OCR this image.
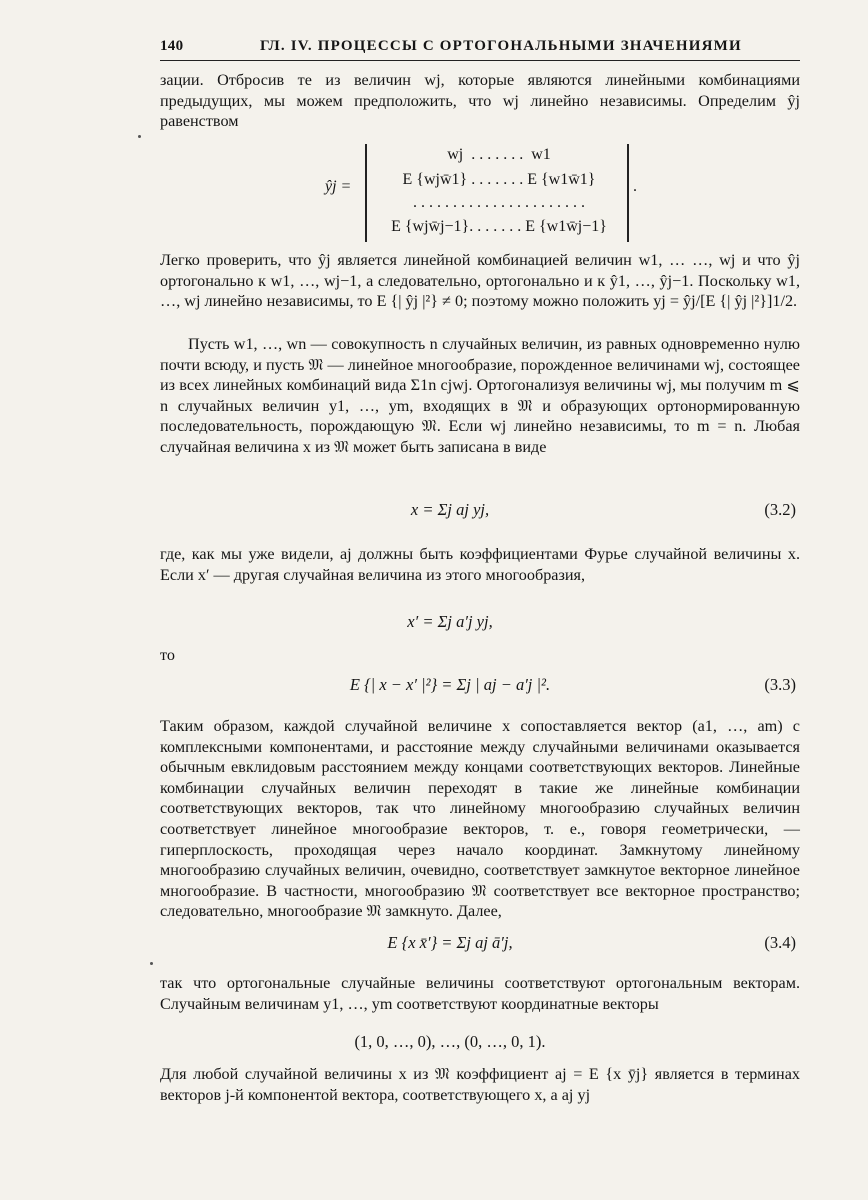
140	ГЛ. IV. ПРОЦЕССЫ С ОРТОГОНАЛЬНЫМИ ЗНАЧЕНИЯМИ

зации. Отбросив те из величин wj, которые являются линейными комбинациями предыдущих, мы можем предположить, что wj линейно независимы. Определим ŷj равенством

ŷj =
wj  . . . . . . .  w1
E {wjw̄1} . . . . . . . E {w1w̄1}
. . . . . . . . . . . . . . . . . . . . . .
E {wjw̄j−1}. . . . . . . E {w1w̄j−1}
.

Легко проверить, что ŷj является линейной комбинацией величин w1, … …, wj и что ŷj ортогонально к w1, …, wj−1, а следовательно, ортогонально и к ŷ1, …, ŷj−1. Поскольку w1, …, wj линейно независимы, то E {| ŷj |²} ≠ 0; поэтому можно положить yj = ŷj/[E {| ŷj |²}]1/2.

Пусть w1, …, wn — совокупность n случайных величин, из равных одновременно нулю почти всюду, и пусть 𝔐 — линейное многообразие, порожденное величинами wj, состоящее из всех линейных комбинаций вида Σ1n cjwj. Ортогонализуя величины wj, мы получим m ⩽ n случайных величин y1, …, ym, входящих в 𝔐 и образующих ортонормированную последовательность, порождающую 𝔐. Если wj линейно независимы, то m = n. Любая случайная величина x из 𝔐 может быть записана в виде

x = Σj aj yj,	(3.2)

где, как мы уже видели, aj должны быть коэффициентами Фурье случайной величины x. Если x′ — другая случайная величина из этого многообразия,

x′ = Σj a′j yj,
то
E {| x − x′ |²} = Σj | aj − a′j |².	(3.3)

Таким образом, каждой случайной величине x сопоставляется вектор (a1, …, am) с комплексными компонентами, и расстояние между случайными величинами оказывается обычным евклидовым расстоянием между концами соответствующих векторов. Линейные комбинации случайных величин переходят в такие же линейные комбинации соответствующих векторов, так что линейному многообразию случайных величин соответствует линейное многообразие векторов, т. е., говоря геометрически, — гиперплоскость, проходящая через начало координат. Замкнутому линейному многообразию случайных величин, очевидно, соответствует замкнутое векторное линейное многообразие. В частности, многообразию 𝔐 соответствует все векторное пространство; следовательно, многообразие 𝔐 замкнуто. Далее,

E {x x̄′} = Σj aj ā′j,	(3.4)

так что ортогональные случайные величины соответствуют ортогональным векторам. Случайным величинам y1, …, ym соответствуют координатные векторы

(1, 0, …, 0), …, (0, …, 0, 1).

Для любой случайной величины x из 𝔐 коэффициент aj = E {x ȳj} является в терминах векторов j-й компонентой вектора, соответствующего x, а aj yj
